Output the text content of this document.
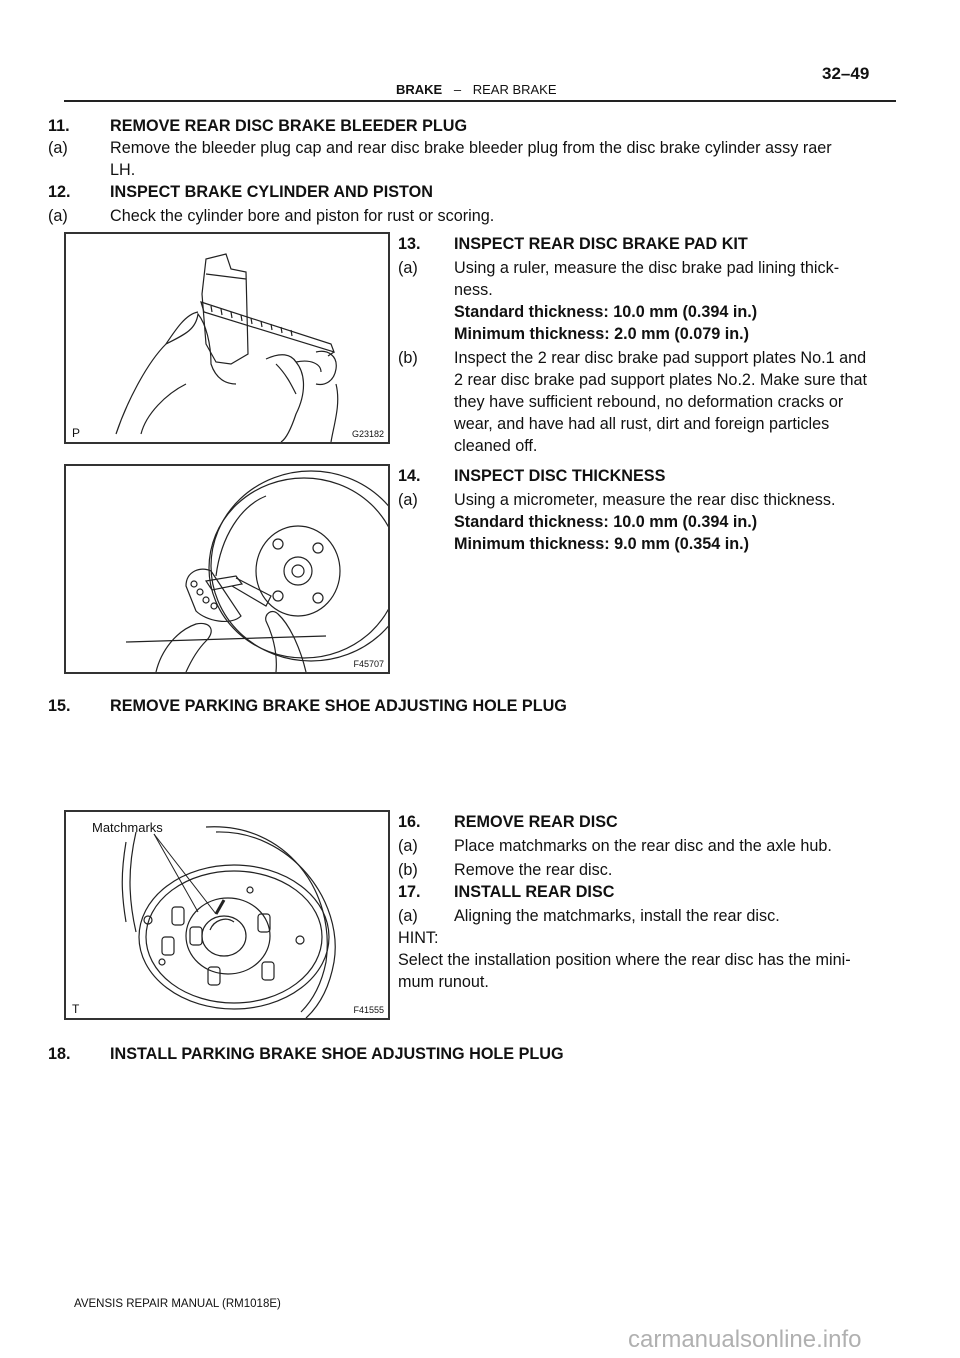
BRAKE – REAR BRAKE
32–49
11. REMOVE REAR DISC BRAKE BLEEDER PLUG
(a)	Remove the bleeder plug cap and rear disc brake bleeder plug from the disc brake cylinder assy raer
LH.
12. INSPECT BRAKE CYLINDER AND PISTON
(a)	Check the cylinder bore and piston for rust or scoring.
P	G23182
13. INSPECT REAR DISC BRAKE PAD KIT
(a) Using a ruler, measure the disc brake pad lining thick-
ness.
Standard thickness: 10.0 mm (0.394 in.)
Minimum thickness: 2.0 mm (0.079 in.)
(b) Inspect the 2 rear disc brake pad support plates No.1 and
2 rear disc brake pad support plates No.2. Make sure that
they have sufficient rebound, no deformation cracks or
wear, and have had all rust, dirt and foreign particles
cleaned off.
F45707
14. INSPECT DISC THICKNESS
(a) Using a micrometer, measure the rear disc thickness.
Standard thickness: 10.0 mm (0.394 in.)
Minimum thickness: 9.0 mm (0.354 in.)
15. REMOVE PARKING BRAKE SHOE ADJUSTING HOLE PLUG
Matchmarks
T	F41555
16. REMOVE REAR DISC
(a) Place matchmarks on the rear disc and the axle hub.
(b) Remove the rear disc.
17. INSTALL REAR DISC
(a) Aligning the matchmarks, install the rear disc.
HINT:
Select the installation position where the rear disc has the mini-
mum runout.
18. INSTALL PARKING BRAKE SHOE ADJUSTING HOLE PLUG
AVENSIS REPAIR MANUAL (RM1018E)
carmanualsonline.info
